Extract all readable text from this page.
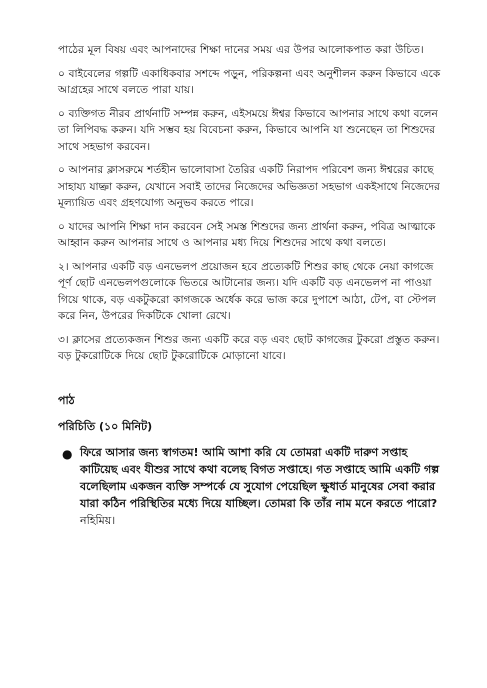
পাঠের মূল বিষয় এবং আপনাদের শিক্ষা দানের সময় এর উপর আলোকপাত করা উচিত।

০ বাইবেলের গল্পটি একাধিকবার সশব্দে পড়ুন, পরিকল্পনা এবং অনুশীলন করুন কিভাবে একে আগ্রহের সাথে বলতে পারা যায়।

০ ব্যক্তিগত নীরব প্রার্থনাটি সম্পন্ন করুন, এইসময়ে ঈশ্বর কিভাবে আপনার সাথে কথা বলেন তা লিপিবদ্ধ করুন। যদি সম্ভব হয় বিবেচনা করুন, কিভাবে আপনি যা শুনেছেন তা শিশুদের সাথে সহভাগ করবেন।

০ আপনার ক্লাসরুমে শর্তহীন ভালোবাসা তৈরির একটি নিরাপদ পরিবেশ জন্য ঈশ্বরের কাছে সাহায্য যাচ্ঞা করুন, যেখানে সবাই তাদের নিজেদের অভিজ্ঞতা সহভাগ একইসাথে নিজেদের মূল্যায়িত এবং গ্রহণযোগ্য অনুভব করতে পারে।

০ যাদের আপনি শিক্ষা দান করবেন সেই সমস্ত শিশুদের জন্য প্রার্থনা করুন, পবিত্র আত্মাকে আহ্বান করুন আপনার সাথে ও আপনার মধ্য দিয়ে শিশুদের সাথে কথা বলতে।

২। আপনার একটি বড় এনভেলপ প্রয়োজন হবে প্রত্যেকটি শিশুর কাছ থেকে নেয়া কাগজে পূর্ণ ছোট এনভেলপগুলোকে ভিতরে আটানোর জন্য। যদি একটি বড় এনভেলপ না পাওয়া গিয়ে থাকে, বড় একটুকরো কাগজকে অর্ধেক করে ভাজ করে দুপাশে আঠা, টেপ, বা স্টেপল করে নিন, উপরের দিকটিকে খোলা রেখে।

৩। ক্লাসের প্রত্যেকজন শিশুর জন্য একটি করে বড় এবং ছোট কাগজের টুকরো প্রস্তুত করুন। বড় টুকরোটিকে দিয়ে ছোট টুকরোটিকে মোড়ানো যাবে।

পাঠ
পরিচিতি (১০ মিনিট)
● ফিরে আসার জন্য স্বাগতম! আমি আশা করি যে তোমরা একটি দারুণ সপ্তাহ কাটিয়েছ এবং যীশুর সাথে কথা বলেছ বিগত সপ্তাহে। গত সপ্তাহে আমি একটি গল্প বলেছিলাম একজন ব্যক্তি সম্পর্কে যে সুযোগ পেয়েছিল ক্ষুধার্ত মানুষের সেবা করার যারা কঠিন পরিস্থিতির মধ্যে দিয়ে যাচ্ছিল। তোমরা কি তাঁর নাম মনে করতে পারো? নহিমিয়।
